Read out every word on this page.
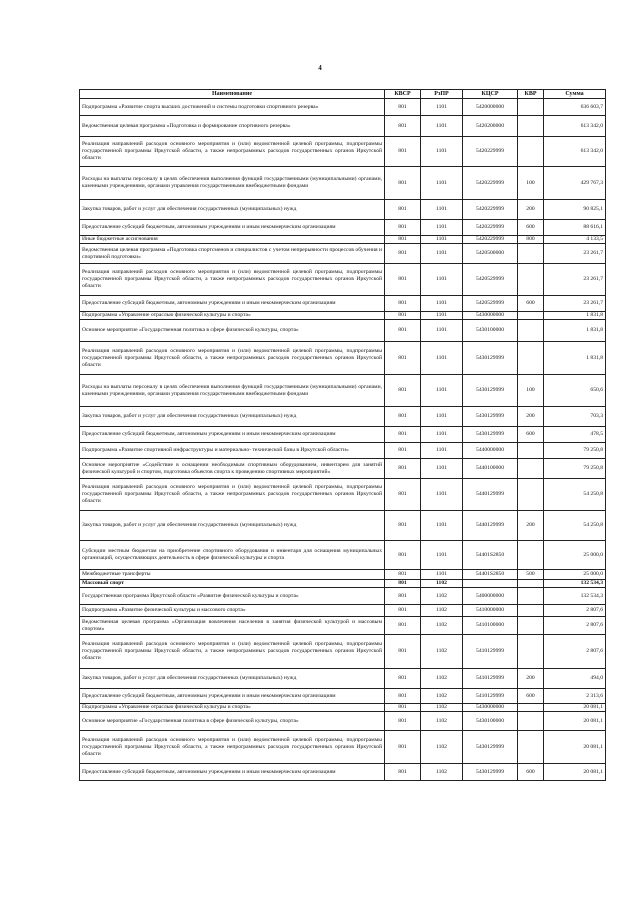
4
Наименование	КВСР	РзПР	КЦСР	КВР	Сумма
Подпрограмма «Развитие спорта высших достижений и системы подготовки спортивного резерва»	801	1101	5420000000		636 603,7
Ведомственная целевая программа «Подготовка и формирование спортивного резерва»	801	1101	5420200000		613 342,0
Реализация направлений расходов основного мероприятия и (или) ведомственной целевой программы, подпрограммы государственной программы Иркутской области, а также непрограммных расходов государственных органов Иркутской области	801	1101	5420229999		613 342,0
Расходы на выплаты персоналу в целях обеспечения выполнения функций государственными (муниципальными) органами, казенными учреждениями, органами управления государственными внебюджетными фондами	801	1101	5420229999	100	429 767,3
Закупка товаров, работ и услуг для обеспечения государственных (муниципальных) нужд	801	1101	5420229999	200	90 825,1
Предоставление субсидий бюджетным, автономным учреждениям и иным некоммерческим организациям	801	1101	5420229999	600	88 616,1
Иные бюджетные ассигнования	801	1101	5420229999	800	4 133,5
Ведомственная целевая программа «Подготовка спортсменов и специалистов с учетом непрерывности процессов обучения и спортивной подготовки»	801	1101	5420500000		23 261,7
Реализация направлений расходов основного мероприятия и (или) ведомственной целевой программы, подпрограммы государственной программы Иркутской области, а также непрограммных расходов государственных органов Иркутской области	801	1101	5420529999		23 261,7
Предоставление субсидий бюджетным, автономным учреждениям и иным некоммерческим организациям	801	1101	5420529999	600	23 261,7
Подпрограмма «Управление отраслью физической культуры и спорта»	801	1101	5430000000		1 831,8
Основное мероприятие «Государственная политика в сфере физической культуры, спорта»	801	1101	5430100000		1 831,8
Реализация направлений расходов основного мероприятия и (или) ведомственной целевой программы, подпрограммы государственной программы Иркутской области, а также непрограммных расходов государственных органов Иркутской области	801	1101	5430129999		1 831,8
Расходы на выплаты персоналу в целях обеспечения выполнения функций государственными (муниципальными) органами, казенными учреждениями, органами управления государственными внебюджетными фондами	801	1101	5430129999	100	650,6
Закупка товаров, работ и услуг для обеспечения государственных (муниципальных) нужд	801	1101	5430129999	200	703,3
Предоставление субсидий бюджетным, автономным учреждениям и иным некоммерческим организациям	801	1101	5430129999	600	478,5
Подпрограмма «Развитие спортивной инфраструктуры и материально- технической базы в Иркутской области»	801	1101	5440000000		79 250,8
Основное мероприятие «Содействие в оснащении необходимым спортивным оборудованием, инвентарем для занятий физической культурой и спортом, подготовка объектов спорта к проведению спортивных мероприятий»	801	1101	5440100000		79 250,8
Реализация направлений расходов основного мероприятия и (или) ведомственной целевой программы, подпрограммы государственной программы Иркутской области, а также непрограммных расходов государственных органов Иркутской области	801	1101	5440129999		54 250,8
Закупка товаров, работ и услуг для обеспечения государственных (муниципальных) нужд	801	1101	5440129999	200	54 250,8
Субсидии местным бюджетам на приобретение спортивного оборудования и инвентаря для оснащения муниципальных организаций, осуществляющих деятельность в сфере физической культуры и спорта	801	1101	54401S2850		25 000,0
Межбюджетные трансферты	801	1101	54401S2850	500	25 000,0
Массовый спорт	801	1102			132 534,3
Государственная программа Иркутской области «Развитие физической культуры и спорта»	801	1102	5400000000		132 534,3
Подпрограмма «Развитие физической культуры и массового спорта»	801	1102	5410000000		2 807,6
Ведомственная целевая программа «Организация вовлечения населения в занятия физической культурой и массовым спортом»	801	1102	5410100000		2 807,6
Реализация направлений расходов основного мероприятия и (или) ведомственной целевой программы, подпрограммы государственной программы Иркутской области, а также непрограммных расходов государственных органов Иркутской области	801	1102	5410129999		2 807,6
Закупка товаров, работ и услуг для обеспечения государственных (муниципальных) нужд	801	1102	5410129999	200	494,0
Предоставление субсидий бюджетным, автономным учреждениям и иным некоммерческим организациям	801	1102	5410129999	600	2 313,6
Подпрограмма «Управление отраслью физической культуры и спорта»	801	1102	5430000000		20 081,1
Основное мероприятие «Государственная политика в сфере физической культуры, спорта»	801	1102	5430100000		20 081,1
Реализация направлений расходов основного мероприятия и (или) ведомственной целевой программы, подпрограммы государственной программы Иркутской области, а также непрограммных расходов государственных органов Иркутской области	801	1102	5430129999		20 081,1
Предоставление субсидий бюджетным, автономным учреждениям и иным некоммерческим организациям	801	1102	5430129999	600	20 081,1
